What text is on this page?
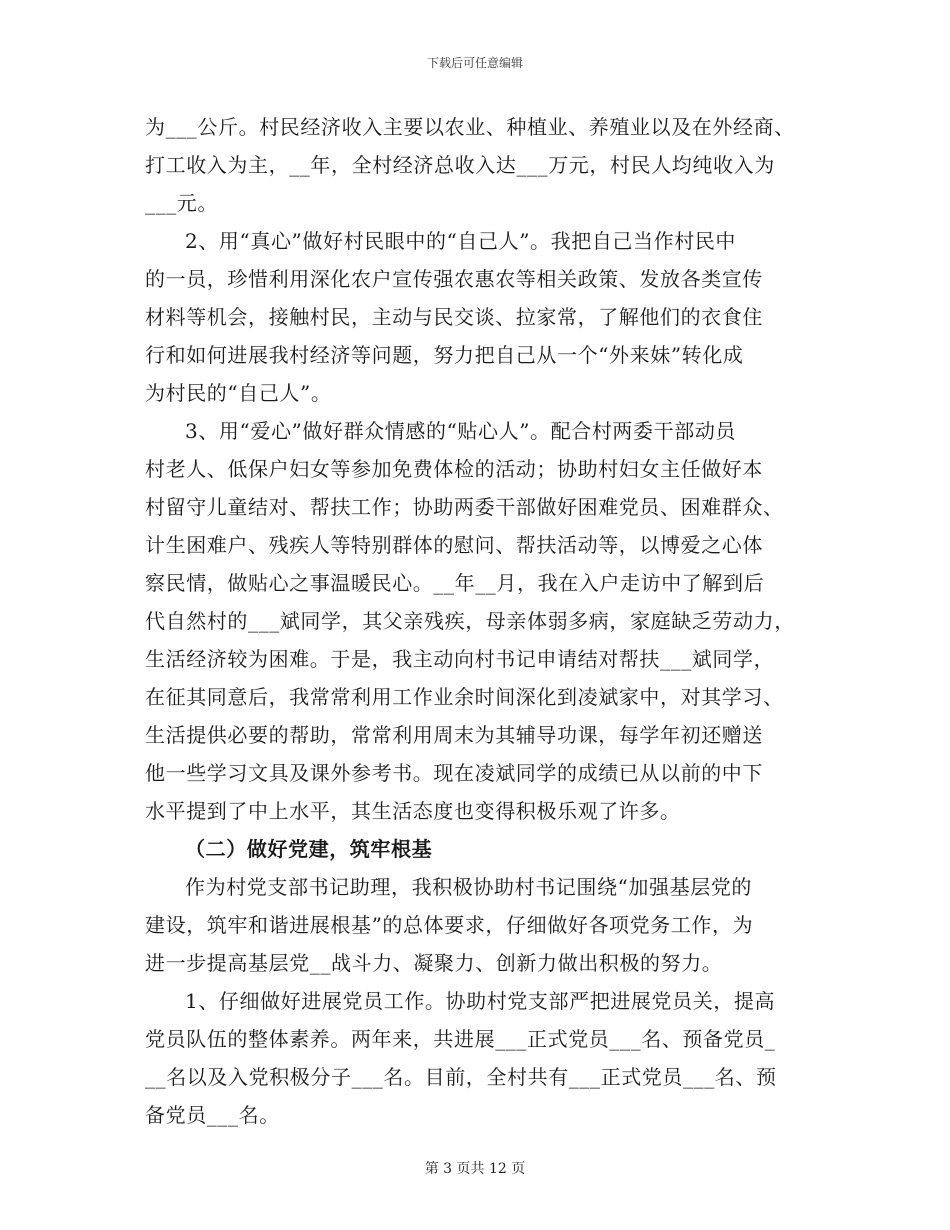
下载后可任意编辑
为___公斤。村民经济收入主要以农业、种植业、养殖业以及在外经商、
打工收入为主，__年，全村经济总收入达___万元，村民人均纯收入为
___元。
2、用“真心”做好村民眼中的“自己人”。我把自己当作村民中
的一员，珍惜利用深化农户宣传强农惠农等相关政策、发放各类宣传
材料等机会，接触村民，主动与民交谈、拉家常，了解他们的衣食住
行和如何进展我村经济等问题，努力把自己从一个“外来妹”转化成
为村民的“自己人”。
3、用“爱心”做好群众情感的“贴心人”。配合村两委干部动员
村老人、低保户妇女等参加免费体检的活动；协助村妇女主任做好本
村留守儿童结对、帮扶工作；协助两委干部做好困难党员、困难群众、
计生困难户、残疾人等特别群体的慰问、帮扶活动等，以博爱之心体
察民情，做贴心之事温暖民心。__年__月，我在入户走访中了解到后
代自然村的___斌同学，其父亲残疾，母亲体弱多病，家庭缺乏劳动力，
生活经济较为困难。于是，我主动向村书记申请结对帮扶___斌同学，
在征其同意后，我常常利用工作业余时间深化到凌斌家中，对其学习、
生活提供必要的帮助，常常利用周末为其辅导功课，每学年初还赠送
他一些学习文具及课外参考书。现在凌斌同学的成绩已从以前的中下
水平提到了中上水平，其生活态度也变得积极乐观了许多。
（二）做好党建，筑牢根基
作为村党支部书记助理，我积极协助村书记围绕“加强基层党的
建设，筑牢和谐进展根基”的总体要求，仔细做好各项党务工作，为
进一步提高基层党__战斗力、凝聚力、创新力做出积极的努力。
1、仔细做好进展党员工作。协助村党支部严把进展党员关，提高
党员队伍的整体素养。两年来，共进展___正式党员___名、预备党员_
__名以及入党积极分子___名。目前，全村共有___正式党员___名、预
备党员___名。
第 3 页共 12 页
